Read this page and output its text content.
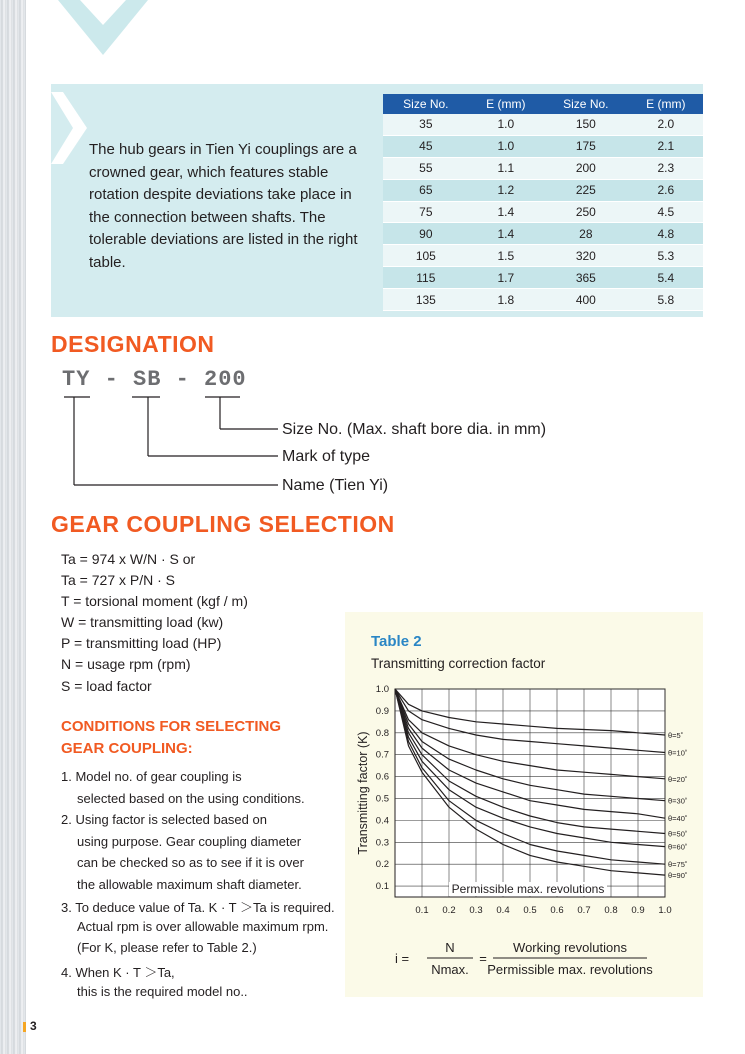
The hub gears in Tien Yi couplings are a crowned gear, which features stable rotation despite deviations take place in the connection between shafts. The tolerable deviations are listed in the right table.
Size No.	E (mm)	Size No.	E (mm)
35	1.0	150	2.0
45	1.0	175	2.1
55	1.1	200	2.3
65	1.2	225	2.6
75	1.4	250	4.5
90	1.4	28	4.8
105	1.5	320	5.3
115	1.7	365	5.4
135	1.8	400	5.8
DESIGNATION
TY - SB - 200
Size No. (Max. shaft bore dia. in mm)
Mark of type
Name (Tien Yi)
GEAR COUPLING SELECTION
Ta = 974 x W/N · S or
Ta = 727 x P/N · S
T = torsional moment (kgf / m)
W = transmitting load (kw)
P = transmitting load (HP)
N = usage rpm (rpm)
S = load factor
CONDITIONS FOR SELECTING
GEAR COUPLING:
1. Model no. of gear coupling is
selected based on the using conditions.
2. Using factor is selected based on
using purpose. Gear coupling diameter
can be checked so as to see if it is over
the allowable maximum shaft diameter.
3. To deduce value of Ta. K · T ＞Ta is required.
Actual rpm is over allowable maximum rpm.
(For K, please refer to Table 2.)
4. When K · T ＞Ta,
this is the required model no..
Table 2
Transmitting correction factor
0.1 0.2 0.3 0.4 0.5 0.6 0.7 0.8 0.9 1.0
1.0
0.9
0.8
0.7
0.6
0.5
0.4
0.3
0.2
0.1
θ=5˚
θ=10˚
θ=20˚
θ=30˚
θ=40˚
θ=50˚
θ=60˚
θ=75˚
θ=90˚
Transmitting factor (K)
Permissible max. revolutions
i =
N
Nmax.
=
Working revolutions
Permissible max. revolutions
3
